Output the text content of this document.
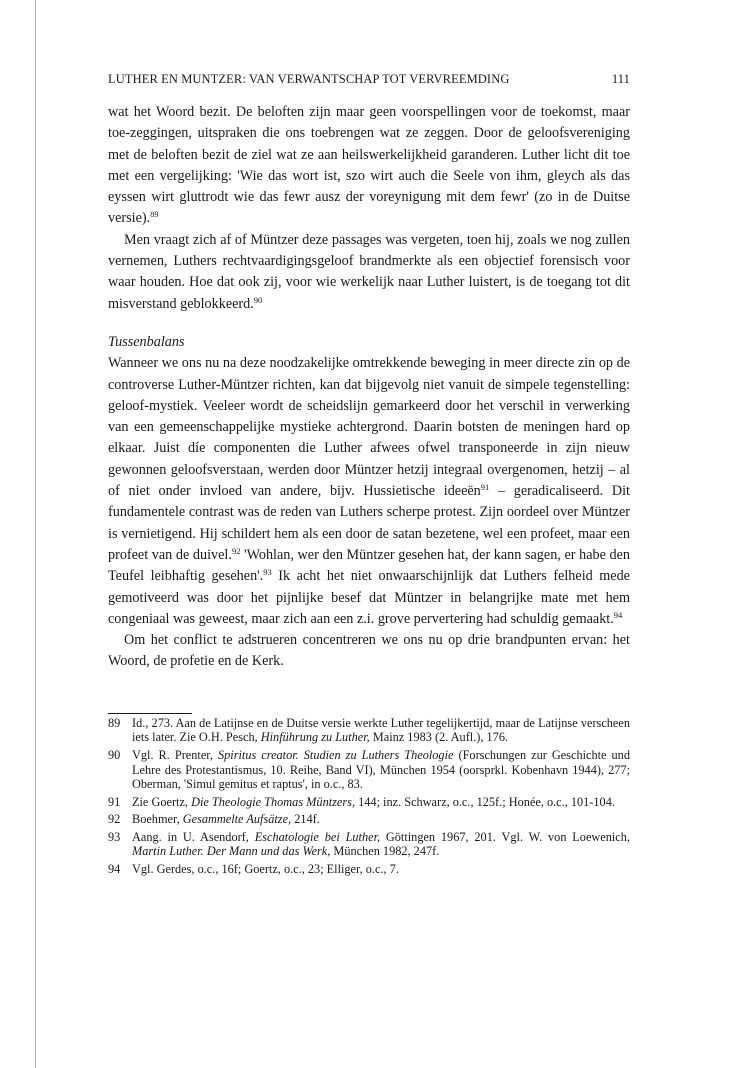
LUTHER EN MUNTZER: VAN VERWANTSCHAP TOT VERVREEMDING	111

wat het Woord bezit. De beloften zijn maar geen voorspellingen voor de toekomst, maar toe-zeggingen, uitspraken die ons toebrengen wat ze zeggen. Door de geloofsvereniging met de beloften bezit de ziel wat ze aan heilswerkelijkheid garanderen. Luther licht dit toe met een vergelijking: 'Wie das wort ist, szo wirt auch die Seele von ihm, gleych als das eyssen wirt gluttrodt wie das fewr ausz der voreynigung mit dem fewr' (zo in de Duitse versie).$^{89}$

Men vraagt zich af of Müntzer deze passages was vergeten, toen hij, zoals we nog zullen vernemen, Luthers rechtvaardigingsgeloof brandmerkte als een objectief forensisch voor waar houden. Hoe dat ook zij, voor wie werkelijk naar Luther luistert, is de toegang tot dit misverstand geblokkeerd.$^{90}$

Tussenbalans

Wanneer we ons nu na deze noodzakelijke omtrekkende beweging in meer directe zin op de controverse Luther-Müntzer richten, kan dat bijgevolg niet vanuit de simpele tegenstelling: geloof-mystiek. Veeleer wordt de scheidslijn gemarkeerd door het verschil in verwerking van een gemeenschappelijke mystieke achtergrond. Daarin botsten de meningen hard op elkaar. Juist díe componenten die Luther afwees ofwel transponeerde in zijn nieuw gewonnen geloofsverstaan, werden door Müntzer hetzij integraal overgenomen, hetzij – al of niet onder invloed van andere, bijv. Hussietische ideeën$^{91}$ – geradicaliseerd. Dit fundamentele contrast was de reden van Luthers scherpe protest. Zijn oordeel over Müntzer is vernietigend. Hij schildert hem als een door de satan bezetene, wel een profeet, maar een profeet van de duivel.$^{92}$ 'Wohlan, wer den Müntzer gesehen hat, der kann sagen, er habe den Teufel leibhaftig gesehen'.$^{93}$ Ik acht het niet onwaarschijnlijk dat Luthers felheid mede gemotiveerd was door het pijnlijke besef dat Müntzer in belangrijke mate met hem congeniaal was geweest, maar zich aan een z.i. grove pervertering had schuldig gemaakt.$^{94}$

Om het conflict te adstrueren concentreren we ons nu op drie brandpunten ervan: het Woord, de profetie en de Kerk.

89 Id., 273. Aan de Latijnse en de Duitse versie werkte Luther tegelijkertijd, maar de Latijnse verscheen iets later. Zie O.H. Pesch, Hinführung zu Luther, Mainz 1983 (2. Aufl.), 176.
90 Vgl. R. Prenter, Spiritus creator. Studien zu Luthers Theologie (Forschungen zur Geschichte und Lehre des Protestantismus, 10. Reihe, Band VI), München 1954 (oorsprkl. Kobenhavn 1944), 277; Oberman, 'Simul gemitus et raptus', in o.c., 83.
91 Zie Goertz, Die Theologie Thomas Müntzers, 144; inz. Schwarz, o.c., 125f.; Honée, o.c., 101-104.
92 Boehmer, Gesammelte Aufsätze, 214f.
93 Aang. in U. Asendorf, Eschatologie bei Luther, Göttingen 1967, 201. Vgl. W. von Loewenich, Martin Luther. Der Mann und das Werk, München 1982, 247f.
94 Vgl. Gerdes, o.c., 16f; Goertz, o.c., 23; Elliger, o.c., 7.
